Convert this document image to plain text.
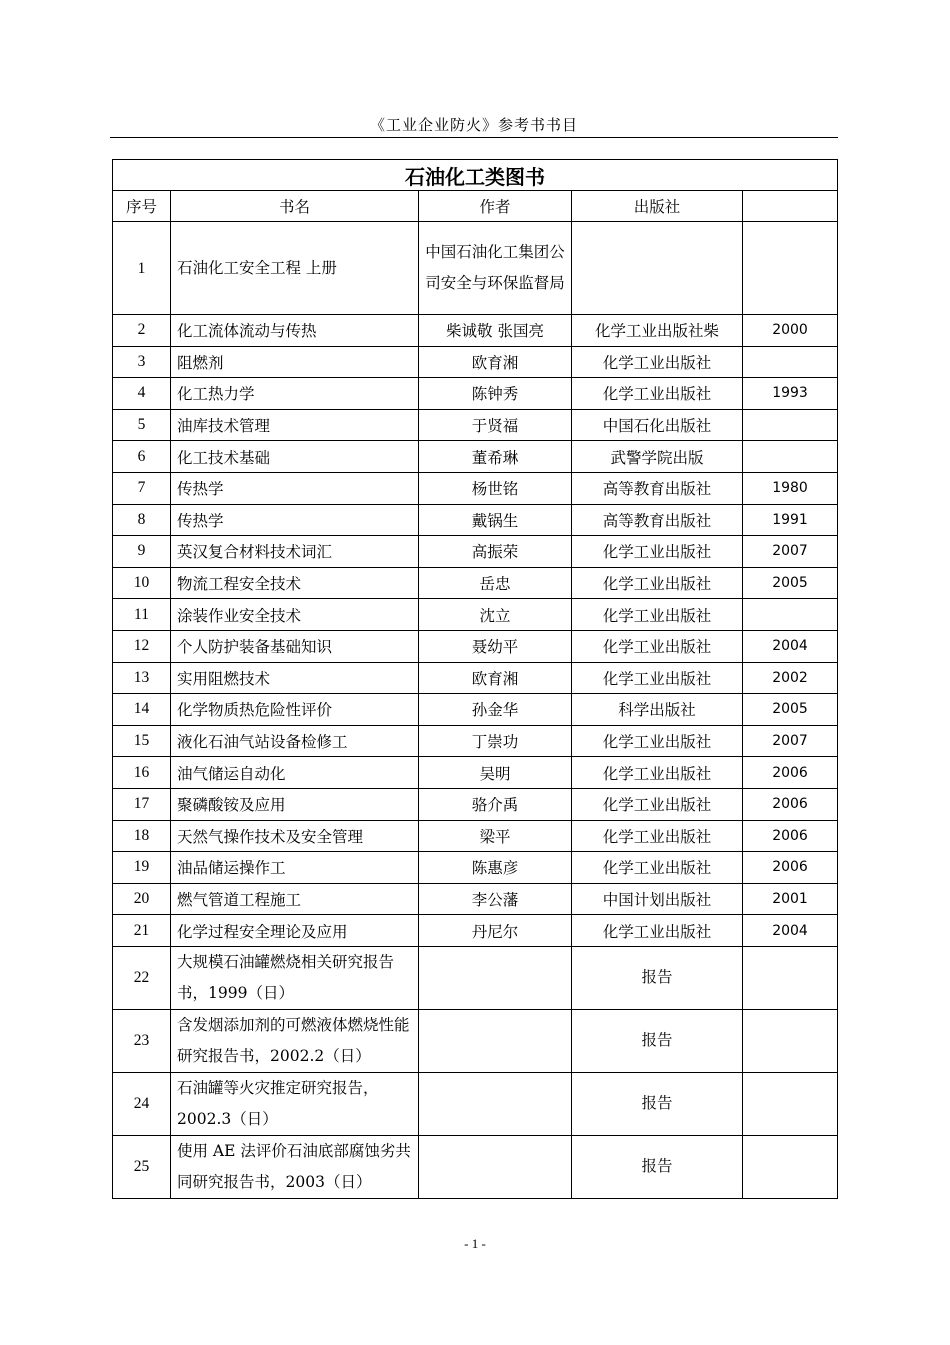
《工业企业防火》参考书书目
石油化工类图书				
序号	书名	作者	出版社	
1	石油化工安全工程 上册	中国石油化工集团公司安全与环保监督局		
2	化工流体流动与传热	柴诚敬 张国亮	化学工业出版社柴	2000
3	阻燃剂	欧育湘	化学工业出版社	
4	化工热力学	陈钟秀	化学工业出版社	1993
5	油库技术管理	于贤福	中国石化出版社	
6	化工技术基础	董希琳	武警学院出版	
7	传热学	杨世铭	高等教育出版社	1980
8	传热学	戴锅生	高等教育出版社	1991
9	英汉复合材料技术词汇	高振荣	化学工业出版社	2007
10	物流工程安全技术	岳忠	化学工业出版社	2005
11	涂装作业安全技术	沈立	化学工业出版社	
12	个人防护装备基础知识	聂幼平	化学工业出版社	2004
13	实用阻燃技术	欧育湘	化学工业出版社	2002
14	化学物质热危险性评价	孙金华	科学出版社	2005
15	液化石油气站设备检修工	丁崇功	化学工业出版社	2007
16	油气储运自动化	吴明	化学工业出版社	2006
17	聚磷酸铵及应用	骆介禹	化学工业出版社	2006
18	天然气操作技术及安全管理	梁平	化学工业出版社	2006
19	油品储运操作工	陈惠彦	化学工业出版社	2006
20	燃气管道工程施工	李公藩	中国计划出版社	2001
21	化学过程安全理论及应用	丹尼尔	化学工业出版社	2004
22	大规模石油罐燃烧相关研究报告书，1999（日）		报告	
23	含发烟添加剂的可燃液体燃烧性能研究报告书，2002.2（日）		报告	
24	石油罐等火灾推定研究报告，2002.3（日）		报告	
25	使用 AE 法评价石油底部腐蚀劣共同研究报告书，2003（日）		报告	
- 1 -
